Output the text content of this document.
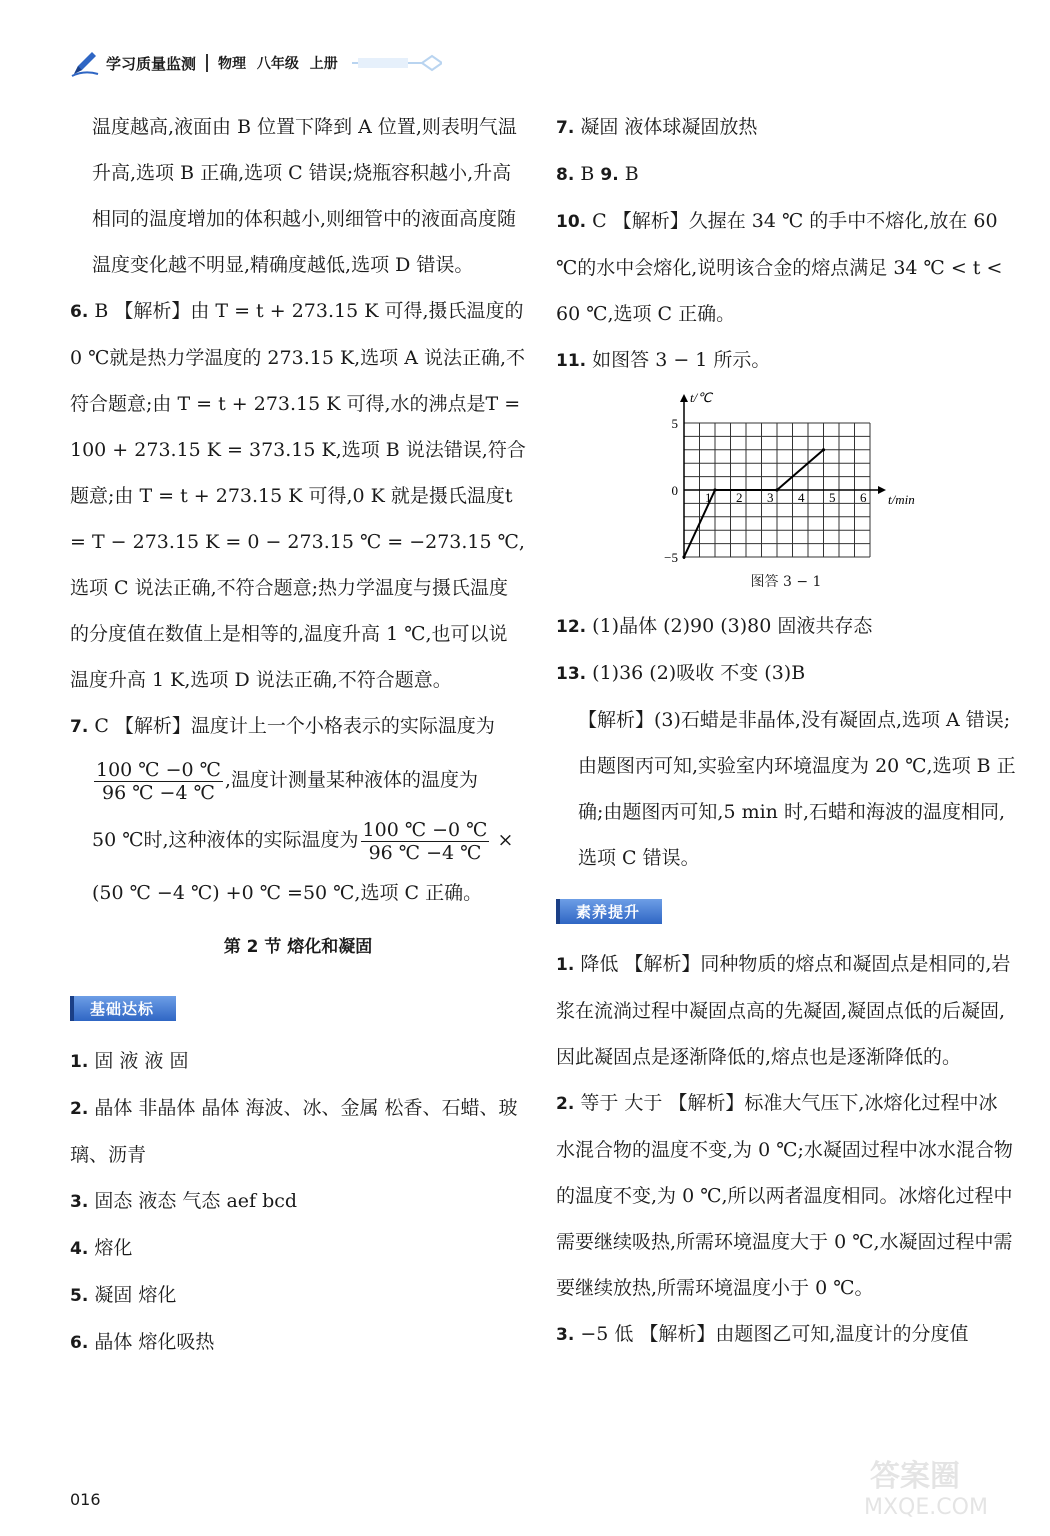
学习质量监测 物理 八年级 上册

温度越高,液面由 B 位置下降到 A 位置,则表明气温升高,选项 B 正确,选项 C 错误;烧瓶容积越小,升高相同的温度增加的体积越小,则细管中的液面高度随温度变化越不明显,精确度越低,选项 D 错误。

6. B 【解析】由 T = t + 273.15 K 可得,摄氏温度的 0 ℃就是热力学温度的 273.15 K,选项 A 说法正确,不符合题意;由 T = t + 273.15 K 可得,水的沸点是T = 100 + 273.15 K = 373.15 K,选项 B 说法错误,符合题意;由 T = t + 273.15 K 可得,0 K 就是摄氏温度t = T − 273.15 K = 0 − 273.15 ℃ = −273.15 ℃,选项 C 说法正确,不符合题意;热力学温度与摄氏温度的分度值在数值上是相等的,温度升高 1 ℃,也可以说温度升高 1 K,选项 D 说法正确,不符合题意。

7. C 【解析】温度计上一个小格表示的实际温度为

$\frac{100 ℃ -0 ℃}{96 ℃ -4 ℃}$ ,温度计测量某种液体的温度为

50 ℃时,这种液体的实际温度为 $\frac{100 ℃ -0 ℃}{96 ℃ -4 ℃}$ ×

(50 ℃ −4 ℃) +0 ℃ =50 ℃,选项 C 正确。

第 2 节 熔化和凝固
基础达标

1. 固 液 液 固

2. 晶体 非晶体 晶体 海波、冰、金属 松香、石蜡、玻璃、沥青

3. 固态 液态 气态 aef bcd

4. 熔化

5. 凝固 熔化

6. 晶体 熔化吸热

7. 凝固 液体球凝固放热

8. B 9. B

10. C 【解析】久握在 34 ℃ 的手中不熔化,放在 60 ℃的水中会熔化,说明该合金的熔点满足 34 ℃ < t < 60 ℃,选项 C 正确。

11. 如图答 3 − 1 所示。

t/℃
t/min
5
0
−5
1 2 3 4 5 6

图答 3 − 1

12. (1)晶体 (2)90 (3)80 固液共存态

13. (1)36 (2)吸收 不变 (3)B

【解析】(3)石蜡是非晶体,没有凝固点,选项 A 错误;由题图丙可知,实验室内环境温度为 20 ℃,选项 B 正确;由题图丙可知,5 min 时,石蜡和海波的温度相同,选项 C 错误。

素养提升

1. 降低 【解析】同种物质的熔点和凝固点是相同的,岩浆在流淌过程中凝固点高的先凝固,凝固点低的后凝固,因此凝固点是逐渐降低的,熔点也是逐渐降低的。

2. 等于 大于 【解析】标准大气压下,冰熔化过程中冰水混合物的温度不变,为 0 ℃;水凝固过程中冰水混合物的温度不变,为 0 ℃,所以两者温度相同。冰熔化过程中需要继续吸热,所需环境温度大于 0 ℃,水凝固过程中需要继续放热,所需环境温度小于 0 ℃。

3. −5 低 【解析】由题图乙可知,温度计的分度值

016
答案圈
MXQE.COM
